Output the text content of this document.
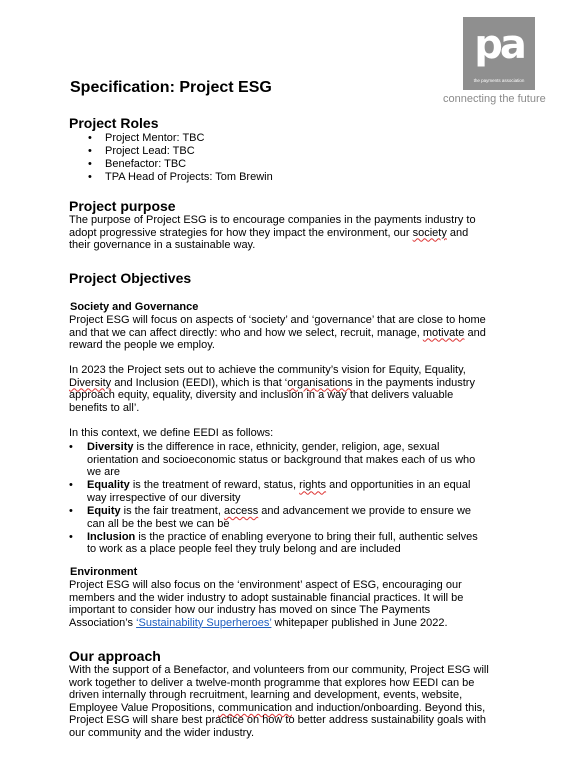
pa
the payments association
connecting the future
Specification: Project ESG
Project Roles
• Project Mentor: TBC
• Project Lead: TBC
• Benefactor: TBC
• TPA Head of Projects: Tom Brewin
Project purpose
The purpose of Project ESG is to encourage companies in the payments industry to adopt progressive strategies for how they impact the environment, our society and their governance in a sustainable way.
Project Objectives
Society and Governance
Project ESG will focus on aspects of ‘society’ and ‘governance’ that are close to home and that we can affect directly: who and how we select, recruit, manage, motivate and reward the people we employ.
In 2023 the Project sets out to achieve the community’s vision for Equity, Equality, Diversity and Inclusion (EEDI), which is that ‘organisations in the payments industry approach equity, equality, diversity and inclusion in a way that delivers valuable benefits to all’.
In this context, we define EEDI as follows:
• Diversity is the difference in race, ethnicity, gender, religion, age, sexual orientation and socioeconomic status or background that makes each of us who we are
• Equality is the treatment of reward, status, rights and opportunities in an equal way irrespective of our diversity
• Equity is the fair treatment, access and advancement we provide to ensure we can all be the best we can be
• Inclusion is the practice of enabling everyone to bring their full, authentic selves to work as a place people feel they truly belong and are included
Environment
Project ESG will also focus on the ‘environment’ aspect of ESG, encouraging our members and the wider industry to adopt sustainable financial practices. It will be important to consider how our industry has moved on since The Payments Association’s ‘Sustainability Superheroes’ whitepaper published in June 2022.
Our approach
With the support of a Benefactor, and volunteers from our community, Project ESG will work together to deliver a twelve-month programme that explores how EEDI can be driven internally through recruitment, learning and development, events, website, Employee Value Propositions, communication and induction/onboarding. Beyond this, Project ESG will share best practice on how to better address sustainability goals with our community and the wider industry.
